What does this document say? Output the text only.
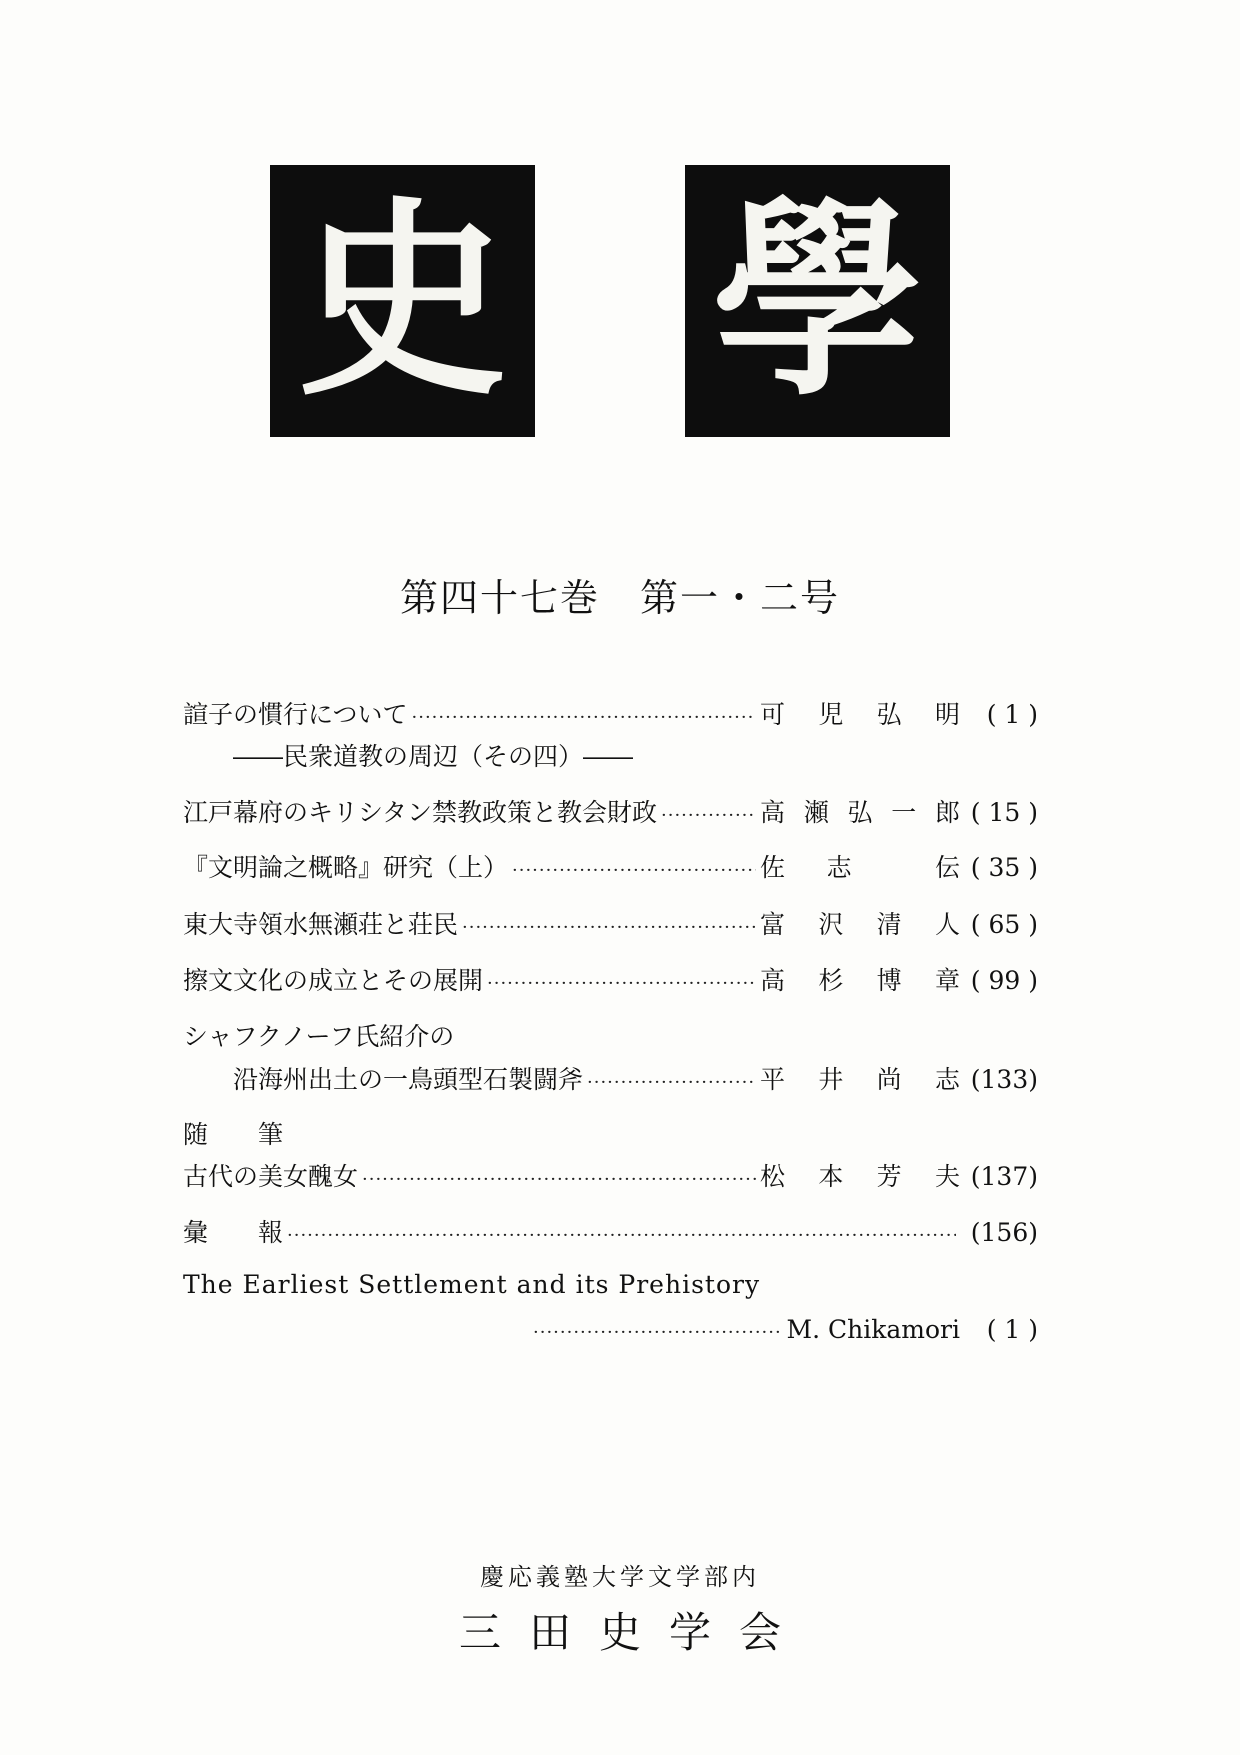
史 學
第四十七巻　第一・二号
諠子の慣行について ·····	可 児 弘 明	( 1 )
――民衆道教の周辺（その四）――
江戸幕府のキリシタン禁教政策と教会財政 ·····	高 瀬 弘 一 郎 ( 15 )
『文明論之概略』研究（上） ·····	佐 志	伝 ( 35 )
東大寺領水無瀬荘と荘民 ·····	富 沢 清 人 ( 65 )
擦文文化の成立とその展開 ·····	高 杉 博 章 ( 99 )
シャフクノーフ氏紹介の
沿海州出土の一鳥頭型石製闘斧 ·····	平 井 尚 志 (133)
随　　筆
古代の美女醜女 ·····	松 本 芳 夫 (137)
彙　　報 ·····	(156)
The Earliest Settlement and its Prehistory
·····
M. Chikamori	( 1 )
慶応義塾大学文学部内
三田史学会
